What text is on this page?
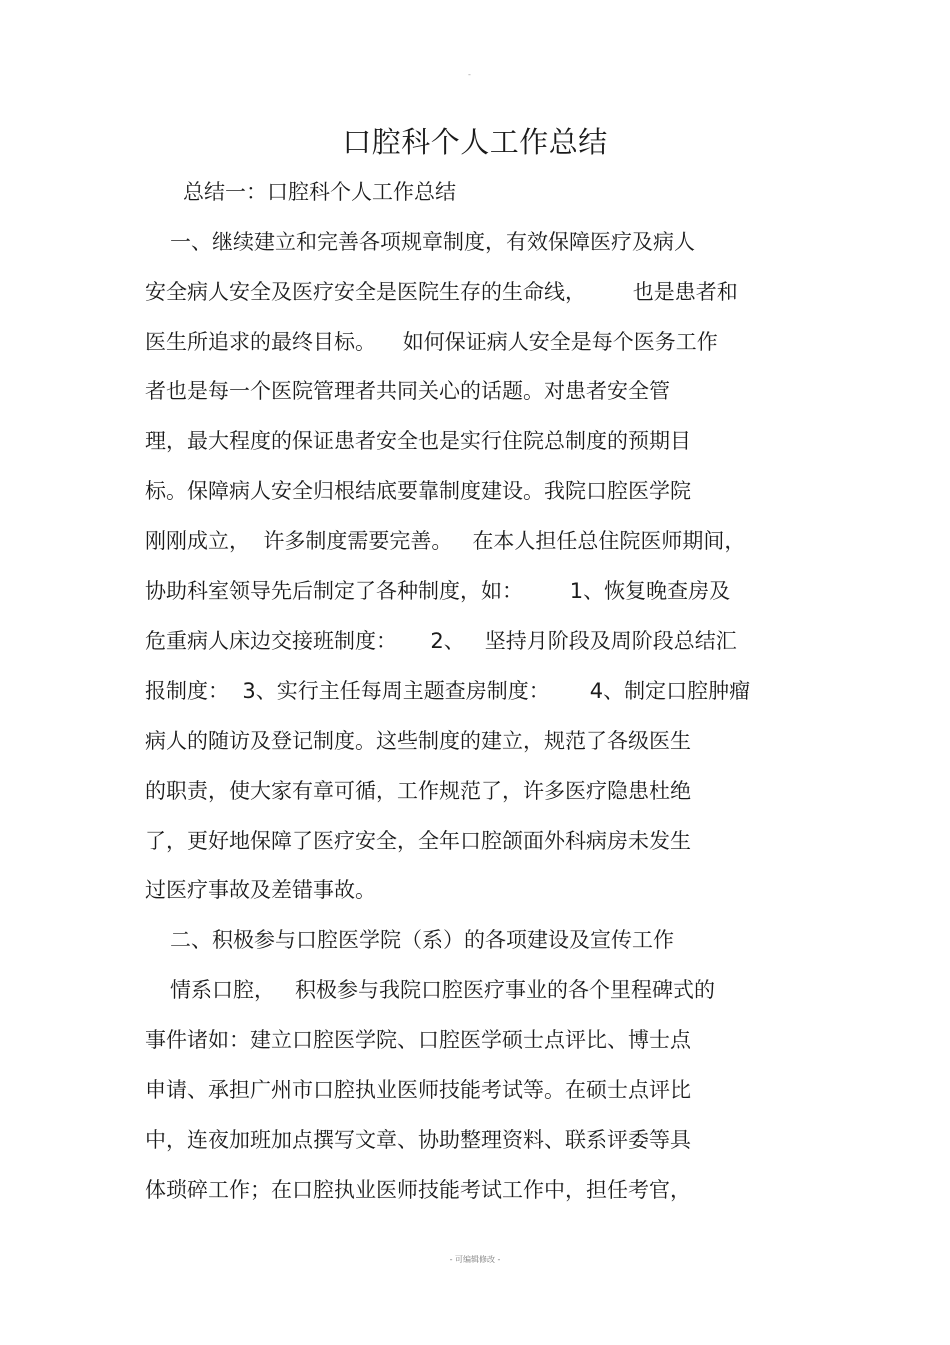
-
口腔科个人工作总结
总结一：口腔科个人工作总结
一、继续建立和完善各项规章制度，有效保障医疗及病人
安全病人安全及医疗安全是医院生存的生命线，       也是患者和
医生所追求的最终目标。    如何保证病人安全是每个医务工作
者也是每一个医院管理者共同关心的话题。对患者安全管
理，最大程度的保证患者安全也是实行住院总制度的预期目
标。保障病人安全归根结底要靠制度建设。我院口腔医学院
刚刚成立，  许多制度需要完善。   在本人担任总住院医师期间，
协助科室领导先后制定了各种制度，如：       1、恢复晚查房及
危重病人床边交接班制度：     2、   坚持月阶段及周阶段总结汇
报制度：  3、实行主任每周主题查房制度：      4、制定口腔肿瘤
病人的随访及登记制度。这些制度的建立，规范了各级医生
的职责，使大家有章可循，工作规范了，许多医疗隐患杜绝
了，更好地保障了医疗安全，全年口腔颌面外科病房未发生
过医疗事故及差错事故。
二、积极参与口腔医学院（系）的各项建设及宣传工作
情系口腔，   积极参与我院口腔医疗事业的各个里程碑式的
事件诸如：建立口腔医学院、口腔医学硕士点评比、博士点
申请、承担广州市口腔执业医师技能考试等。在硕士点评比
中，连夜加班加点撰写文章、协助整理资料、联系评委等具
体琐碎工作；在口腔执业医师技能考试工作中，担任考官，
- 可编辑修改 -
